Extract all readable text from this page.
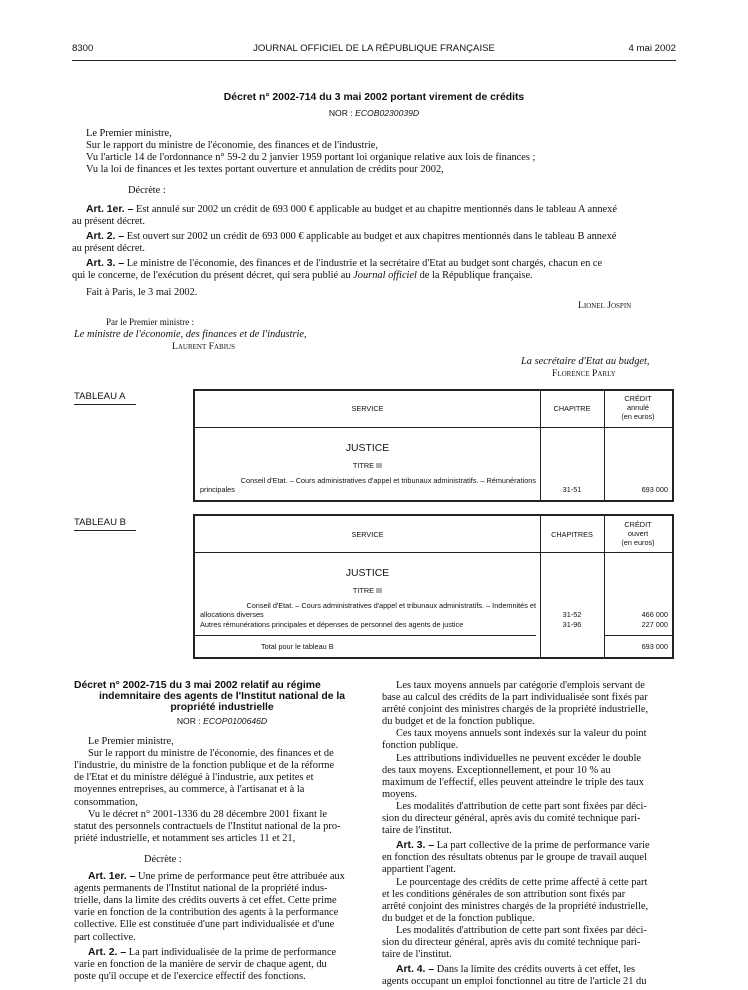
8300	JOURNAL OFFICIEL DE LA RÉPUBLIQUE FRANÇAISE	4 mai 2002
Décret n° 2002-714 du 3 mai 2002 portant virement de crédits
NOR : ECOB0230039D

Le Premier ministre,

Sur le rapport du ministre de l'économie, des finances et de l'industrie,

Vu l'article 14 de l'ordonnance n° 59-2 du 2 janvier 1959 portant loi organique relative aux lois de finances ;

Vu la loi de finances et les textes portant ouverture et annulation de crédits pour 2002,

Décrète :

Art. 1er. – Est annulé sur 2002 un crédit de 693 000 € applicable au budget et au chapitre mentionnés dans le tableau A annexé

au présent décret.

Art. 2. – Est ouvert sur 2002 un crédit de 693 000 € applicable au budget et aux chapitres mentionnés dans le tableau B annexé

au présent décret.

Art. 3. – Le ministre de l'économie, des finances et de l'industrie et la secrétaire d'Etat au budget sont chargés, chacun en ce

qui le concerne, de l'exécution du présent décret, qui sera publié au Journal officiel de la République française.

Fait à Paris, le 3 mai 2002.

Lionel Jospin

Par le Premier ministre :

Le ministre de l'économie, des finances et de l'industrie,

Laurent Fabius

La secrétaire d'Etat au budget,

Florence Parly

TABLEAU A
SERVICE	CHAPITRE
CRÉDIT
annulé
(en euros)
JUSTICE
TITRE III
Conseil d'Etat. – Cours administratives d'appel et tribunaux administratifs. – Rémunérations
principales	31-51	693 000
TABLEAU B
SERVICE	CHAPITRES
CRÉDIT
ouvert
(en euros)
JUSTICE
TITRE III
Conseil d'Etat. – Cours administratives d'appel et tribunaux administratifs. – Indemnités et
allocations diverses	31-52	466 000
Autres rémunérations principales et dépenses de personnel des agents de justice	31-96	227 000
Total pour le tableau B	693 000
Décret n° 2002-715 du 3 mai 2002 relatif au régime
indemnitaire des agents de l'Institut national de la
propriété industrielle
NOR : ECOP0100646D
Le Premier ministre,
Sur le rapport du ministre de l'économie, des finances et de
l'industrie, du ministre de la fonction publique et de la réforme
de l'Etat et du ministre délégué à l'industrie, aux petites et
moyennes entreprises, au commerce, à l'artisanat et à la
consommation,
Vu le décret n° 2001-1336 du 28 décembre 2001 fixant le
statut des personnels contractuels de l'Institut national de la pro-
priété industrielle, et notamment ses articles 11 et 21,
Décrète :
Art. 1er. – Une prime de performance peut être attribuée aux
agents permanents de l'Institut national de la propriété indus-
trielle, dans la limite des crédits ouverts à cet effet. Cette prime
varie en fonction de la contribution des agents à la performance
collective. Elle est constituée d'une part individualisée et d'une
part collective.
Art. 2. – La part individualisée de la prime de performance
varie en fonction de la manière de servir de chaque agent, du
poste qu'il occupe et de l'exercice effectif des fonctions.
Les taux moyens annuels par catégorie d'emplois servant de
base au calcul des crédits de la part individualisée sont fixés par
arrêté conjoint des ministres chargés de la propriété industrielle,
du budget et de la fonction publique.
Ces taux moyens annuels sont indexés sur la valeur du point
fonction publique.
Les attributions individuelles ne peuvent excéder le double
des taux moyens. Exceptionnellement, et pour 10 % au
maximum de l'effectif, elles peuvent atteindre le triple des taux
moyens.
Les modalités d'attribution de cette part sont fixées par déci-
sion du directeur général, après avis du comité technique pari-
taire de l'institut.
Art. 3. – La part collective de la prime de performance varie
en fonction des résultats obtenus par le groupe de travail auquel
appartient l'agent.
Le pourcentage des crédits de cette prime affecté à cette part
et les conditions générales de son attribution sont fixés par
arrêté conjoint des ministres chargés de la propriété industrielle,
du budget et de la fonction publique.
Les modalités d'attribution de cette part sont fixées par déci-
sion du directeur général, après avis du comité technique pari-
taire de l'institut.
Art. 4. – Dans la limite des crédits ouverts à cet effet, les
agents occupant un emploi fonctionnel au titre de l'article 21 du
